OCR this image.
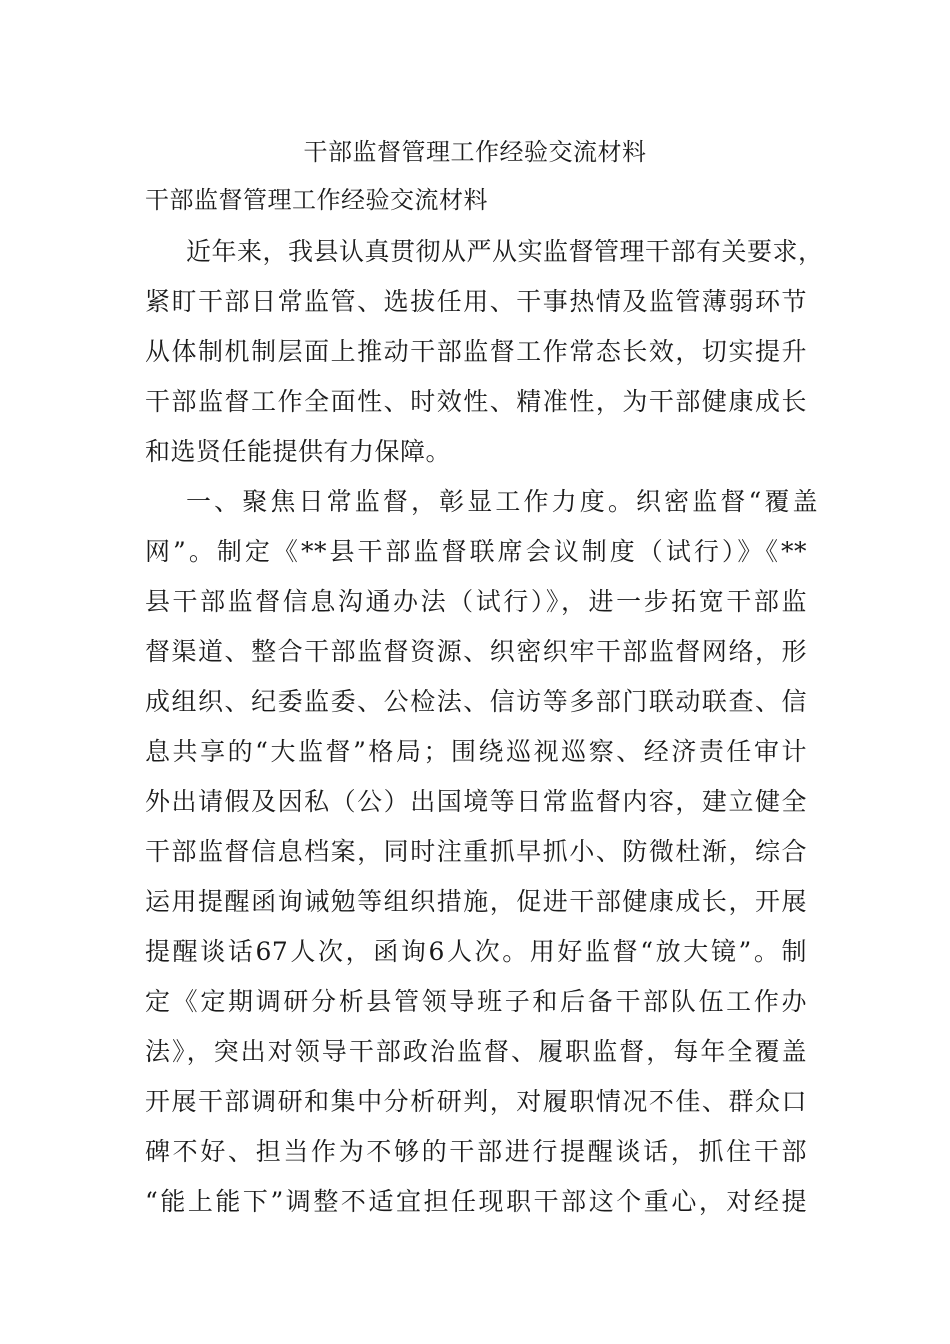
干部监督管理工作经验交流材料
干部监督管理工作经验交流材料
近年来，我县认真贯彻从严从实监督管理干部有关要求，
紧盯干部日常监管、选拔任用、干事热情及监管薄弱环节
从体制机制层面上推动干部监督工作常态长效，切实提升
干部监督工作全面性、时效性、精准性，为干部健康成长
和选贤任能提供有力保障。
一、聚焦日常监督，彰显工作力度。织密监督“覆盖
网”。制定《**县干部监督联席会议制度（试行）》《**
县干部监督信息沟通办法（试行）》，进一步拓宽干部监
督渠道、整合干部监督资源、织密织牢干部监督网络，形
成组织、纪委监委、公检法、信访等多部门联动联查、信
息共享的“大监督”格局；围绕巡视巡察、经济责任审计
外出请假及因私（公）出国境等日常监督内容，建立健全
干部监督信息档案，同时注重抓早抓小、防微杜渐，综合
运用提醒函询诫勉等组织措施，促进干部健康成长，开展
提醒谈话67人次，函询6人次。用好监督“放大镜”。制
定《定期调研分析县管领导班子和后备干部队伍工作办
法》，突出对领导干部政治监督、履职监督，每年全覆盖
开展干部调研和集中分析研判，对履职情况不佳、群众口
碑不好、担当作为不够的干部进行提醒谈话，抓住干部
“能上能下”调整不适宜担任现职干部这个重心，对经提
